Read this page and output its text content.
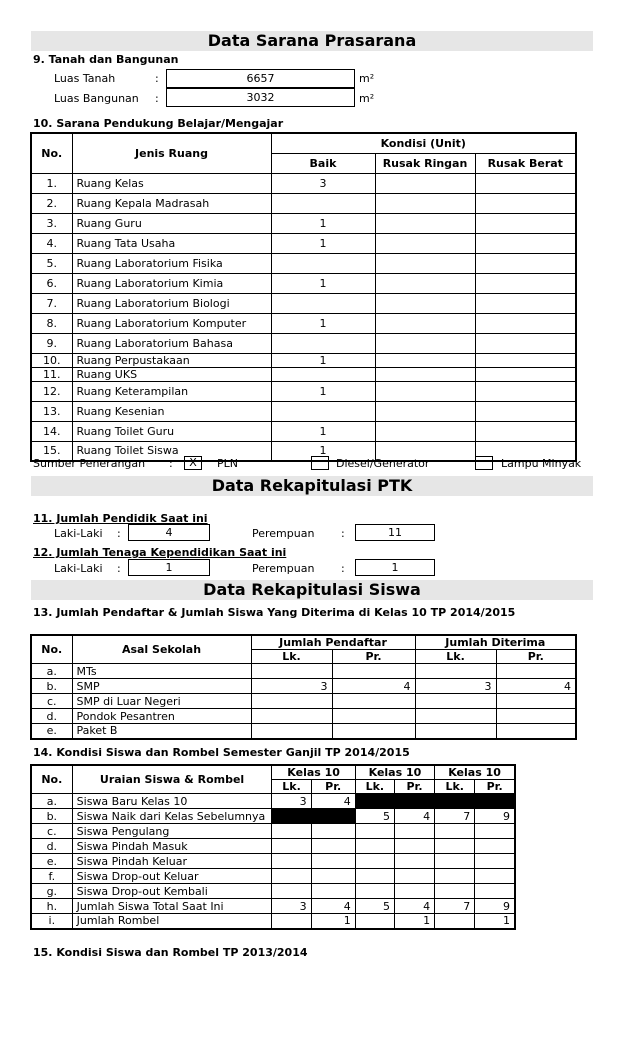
Data Sarana Prasarana
9. Tanah dan Bangunan
Luas Tanah	:	6657	m²
Luas Bangunan :	3032	m²
10. Sarana Pendukung Belajar/Mengajar
No.	Jenis Ruang	Kondisi (Unit)		
		Baik	Rusak Ringan	Rusak Berat
1.	Ruang Kelas	3		
2.	Ruang Kepala Madrasah			
3.	Ruang Guru	1		
4.	Ruang Tata Usaha	1		
5.	Ruang Laboratorium Fisika			
6.	Ruang Laboratorium Kimia	1		
7.	Ruang Laboratorium Biologi			
8.	Ruang Laboratorium Komputer	1		
9.	Ruang Laboratorium Bahasa			
10.	Ruang Perpustakaan	1		
11.	Ruang UKS			
12.	Ruang Keterampilan	1		
13.	Ruang Kesenian			
14.	Ruang Toilet Guru	1		
15.	Ruang Toilet Siswa	1		
Sumber Penerangan :	X	PLN	Diesel/Generator	Lampu Minyak
Data Rekapitulasi PTK
11. Jumlah Pendidik Saat ini
Laki-Laki :	4	Perempuan :	11
12. Jumlah Tenaga Kependidikan Saat ini
Laki-Laki :	1	Perempuan :	1
Data Rekapitulasi Siswa
13. Jumlah Pendaftar & Jumlah Siswa Yang Diterima di Kelas 10 TP 2014/2015
No.	Asal Sekolah	Jumlah Pendaftar		Jumlah Diterima	
		Lk.	Pr.	Lk.	Pr.
a.	MTs				
b.	SMP	3	4	3	4
c.	SMP di Luar Negeri				
d.	Pondok Pesantren				
e.	Paket B				
14. Kondisi Siswa dan Rombel Semester Ganjil TP 2014/2015
No.	Uraian Siswa & Rombel	Kelas 10		Kelas 10		Kelas 10	
		Lk.	Pr.	Lk.	Pr.	Lk.	Pr.
a.	Siswa Baru Kelas 10	3	4				
b.	Siswa Naik dari Kelas Sebelumnya			5	4	7	9
c.	Siswa Pengulang						
d.	Siswa Pindah Masuk						
e.	Siswa Pindah Keluar						
f.	Siswa Drop-out Keluar						
g.	Siswa Drop-out Kembali						
h.	Jumlah Siswa Total Saat Ini	3	4	5	4	7	9
i.	Jumlah Rombel		1		1		1
15. Kondisi Siswa dan Rombel TP 2013/2014
